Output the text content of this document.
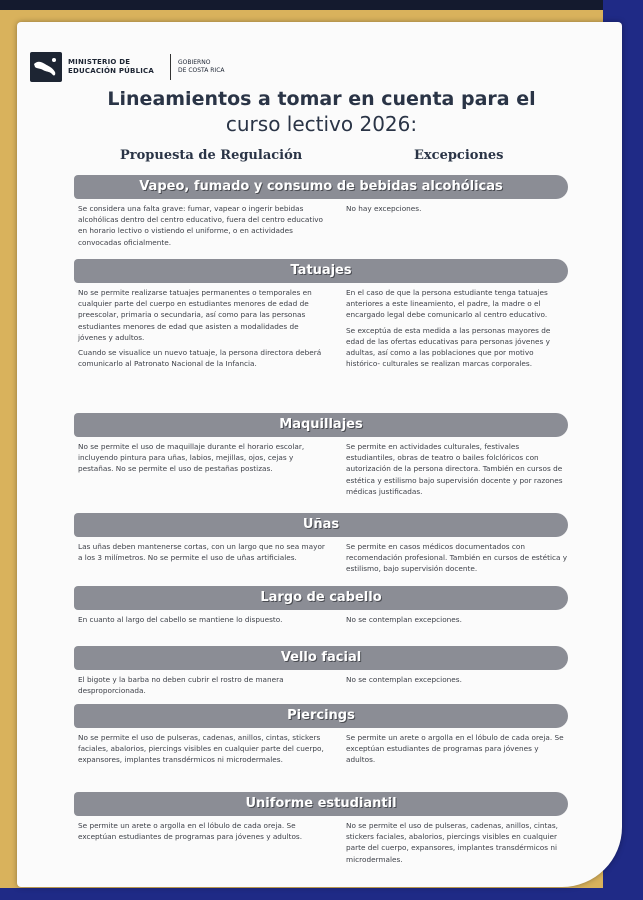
MINISTERIO DE
EDUCACIÓN PÚBLICA
GOBIERNO
DE COSTA RICA
Lineamientos a tomar en cuenta para el
curso lectivo 2026:
Propuesta de Regulación	Excepciones
Vapeo, fumado y consumo de bebidas alcohólicas

Se considera una falta grave: fumar, vapear o ingerir bebidas alcohólicas dentro del centro educativo, fuera del centro educativo en horario lectivo o vistiendo el uniforme, o en actividades convocadas oficialmente.

No hay excepciones.

Tatuajes

No se permite realizarse tatuajes permanentes o temporales en cualquier parte del cuerpo en estudiantes menores de edad de preescolar, primaria o secundaria, así como para las personas estudiantes menores de edad que asisten a modalidades de jóvenes y adultos.

Cuando se visualice un nuevo tatuaje, la persona directora deberá comunicarlo al Patronato Nacional de la Infancia.

En el caso de que la persona estudiante tenga tatuajes anteriores a este lineamiento, el padre, la madre o el encargado legal debe comunicarlo al centro educativo.

Se exceptúa de esta medida a las personas mayores de edad de las ofertas educativas para personas jóvenes y adultas, así como a las poblaciones que por motivo histórico- culturales se realizan marcas corporales.

Maquillajes

No se permite el uso de maquillaje durante el horario escolar, incluyendo pintura para uñas, labios, mejillas, ojos, cejas y pestañas. No se permite el uso de pestañas postizas.

Se permite en actividades culturales, festivales estudiantiles, obras de teatro o bailes folclóricos con autorización de la persona directora. También en cursos de estética y estilismo bajo supervisión docente y por razones médicas justificadas.

Uñas

Las uñas deben mantenerse cortas, con un largo que no sea mayor a los 3 milímetros. No se permite el uso de uñas artificiales.

Se permite en casos médicos documentados con recomendación profesional. También en cursos de estética y estilismo, bajo supervisión docente.

Largo de cabello

En cuanto al largo del cabello se mantiene lo dispuesto.	No se contemplan excepciones.

Vello facial

El bigote y la barba no deben cubrir el rostro de manera desproporcionada.

No se contemplan excepciones.

Piercings

No se permite el uso de pulseras, cadenas, anillos, cintas, stickers faciales, abalorios, piercings visibles en cualquier parte del cuerpo, expansores, implantes transdérmicos ni microdermales.

Se permite un arete o argolla en el lóbulo de cada oreja. Se exceptúan estudiantes de programas para jóvenes y adultos.

Uniforme estudiantil

Se permite un arete o argolla en el lóbulo de cada oreja. Se exceptúan estudiantes de programas para jóvenes y adultos.

No se permite el uso de pulseras, cadenas, anillos, cintas, stickers faciales, abalorios, piercings visibles en cualquier parte del cuerpo, expansores, implantes transdérmicos ni microdermales.
